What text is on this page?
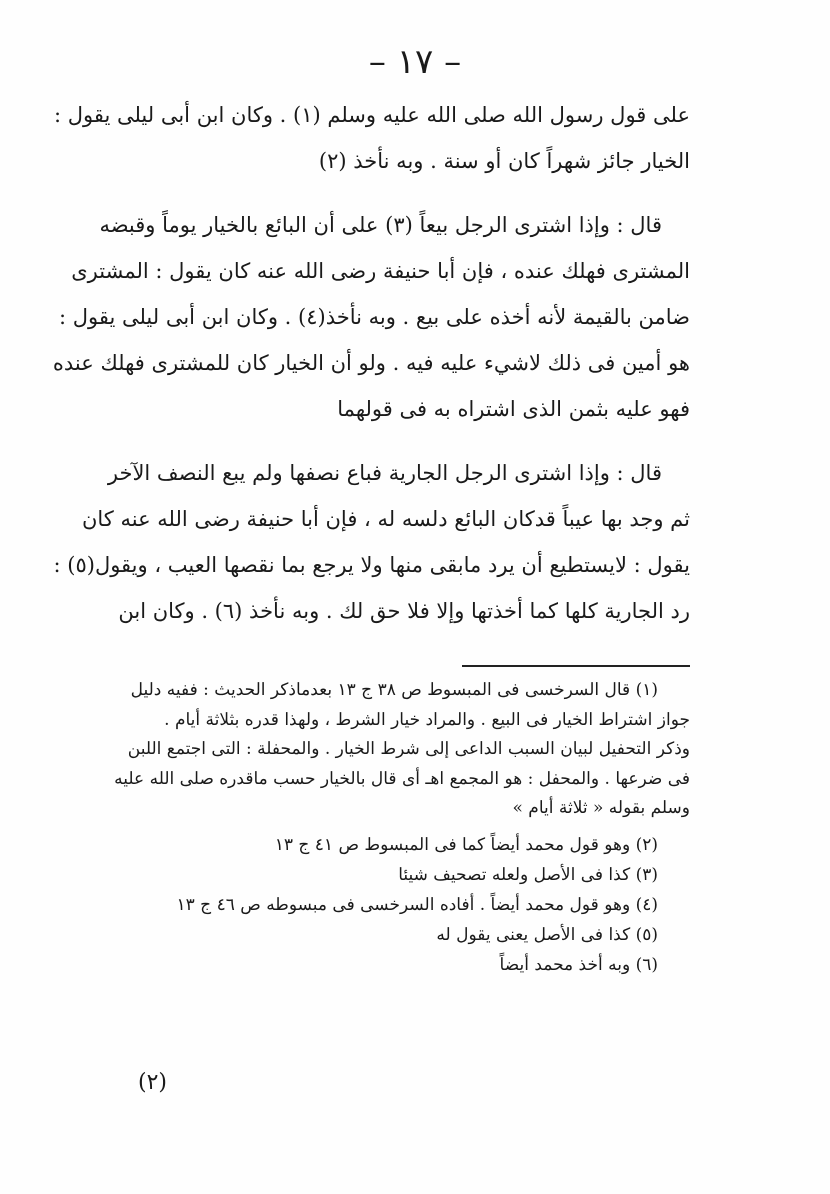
– ١٧ –
على قول رسول الله صلى الله عليه وسلم (١) . وكان ابن أبى ليلى يقول :
الخيار جائز شهراً كان أو سنة . وبه نأخذ (٢)
قال : وإذا اشترى الرجل بيعاً (٣) على أن البائع بالخيار يوماً وقبضه
المشترى فهلك عنده ، فإن أبا حنيفة رضى الله عنه كان يقول : المشترى
ضامن بالقيمة لأنه أخذه على بيع . وبه نأخذ(٤) . وكان ابن أبى ليلى يقول :
هو أمين فى ذلك لاشيء عليه فيه . ولو أن الخيار كان للمشترى فهلك عنده
فهو عليه بثمن الذى اشتراه به فى قولهما
قال : وإذا اشترى الرجل الجارية فباع نصفها ولم يبع النصف الآخر
ثم وجد بها عيباً قدكان البائع دلسه له ، فإن أبا حنيفة رضى الله عنه كان
يقول : لايستطيع أن يرد مابقى منها ولا يرجع بما نقصها العيب ، ويقول(٥) :
رد الجارية كلها كما أخذتها وإلا فلا حق لك . وبه نأخذ (٦) . وكان ابن
(١) قال السرخسى فى المبسوط ص ٣٨ ج ١٣ بعدماذكر الحديث : ففيه دليل
جواز اشتراط الخيار فى البيع . والمراد خيار الشرط ، ولهذا قدره بثلاثة أيام .
وذكر التحفيل لبيان السبب الداعى إلى شرط الخيار . والمحفلة : التى اجتمع اللبن
فى ضرعها . والمحفل : هو المجمع اهـ أى قال بالخيار حسب ماقدره صلى الله عليه
وسلم بقوله « ثلاثة أيام »
(٢) وهو قول محمد أيضاً كما فى المبسوط ص ٤١ ج ١٣
(٣) كذا فى الأصل ولعله تصحيف شيئا
(٤) وهو قول محمد أيضاً . أفاده السرخسى فى مبسوطه ص ٤٦ ج ١٣
(٥) كذا فى الأصل يعنى يقول له
(٦) وبه أخذ محمد أيضاً
(٢)
